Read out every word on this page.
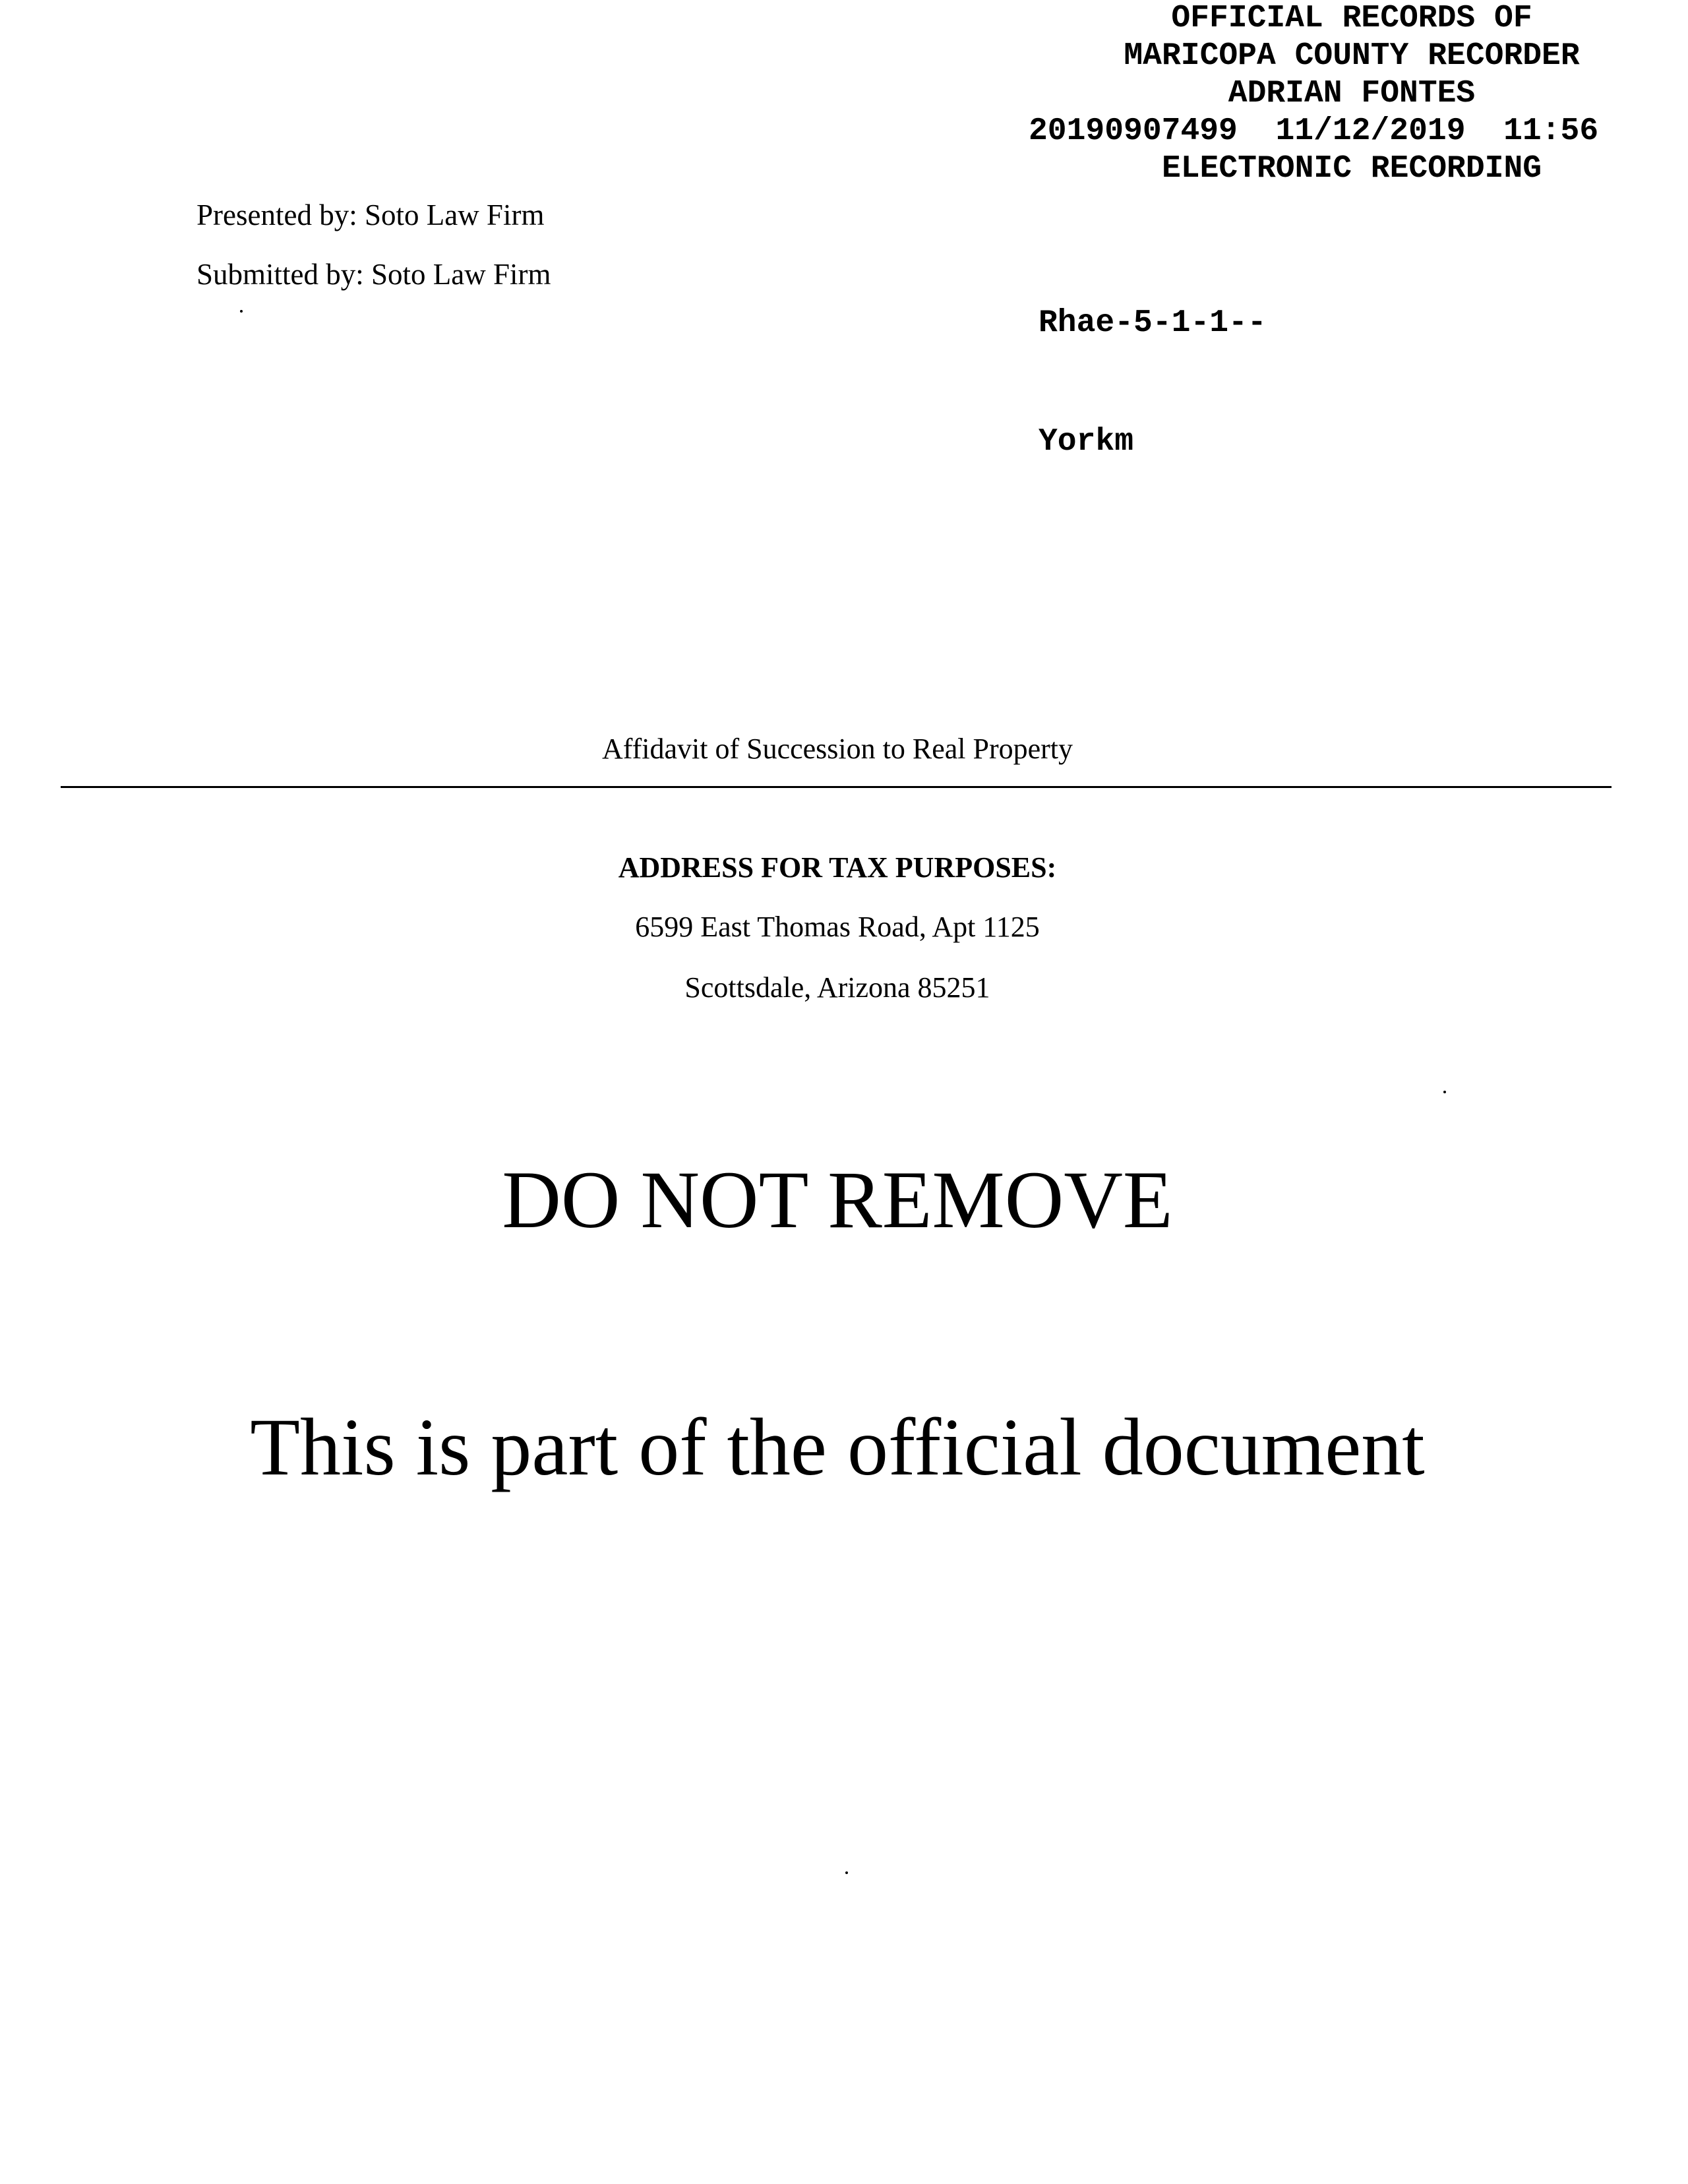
OFFICIAL RECORDS OF
MARICOPA COUNTY RECORDER
ADRIAN FONTES
20190907499  11/12/2019  11:56
ELECTRONIC RECORDING

Rhae-5-1-1--

Yorkm

Presented by: Soto Law Firm
Submitted by: Soto Law Firm
Affidavit of Succession to Real Property
ADDRESS FOR TAX PURPOSES:
6599 East Thomas Road, Apt 1125
Scottsdale, Arizona 85251
DO NOT REMOVE
This is part of the official document
